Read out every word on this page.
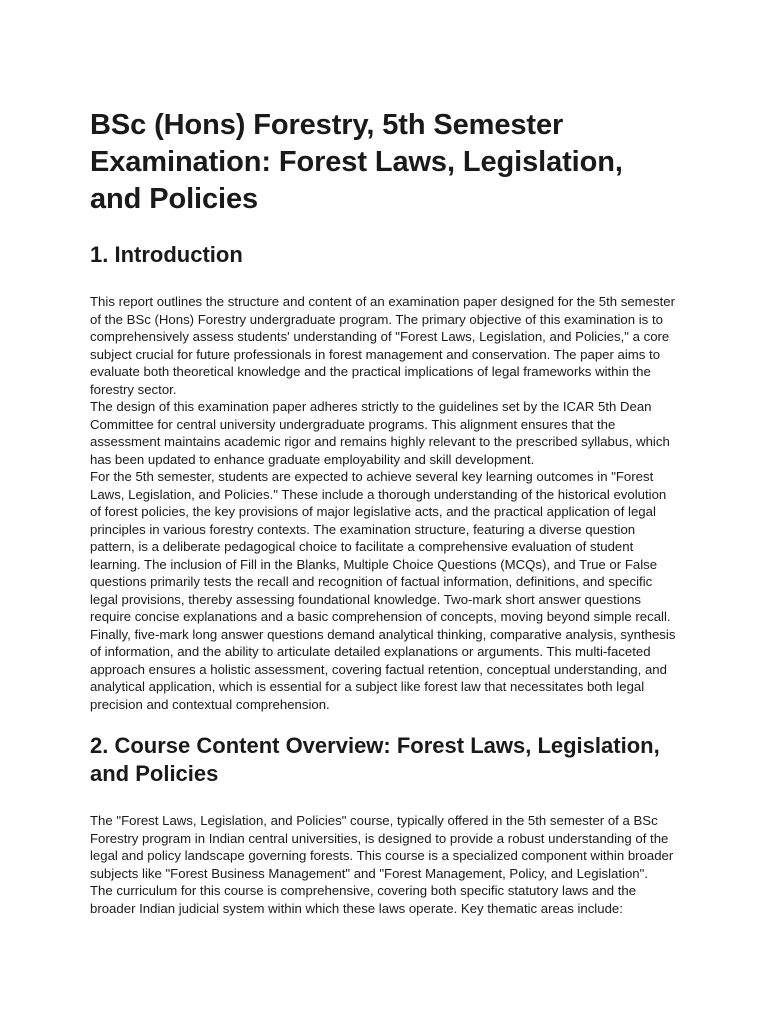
BSc (Hons) Forestry, 5th Semester Examination: Forest Laws, Legislation, and Policies
1. Introduction

This report outlines the structure and content of an examination paper designed for the 5th semester of the BSc (Hons) Forestry undergraduate program. The primary objective of this examination is to comprehensively assess students' understanding of "Forest Laws, Legislation, and Policies," a core subject crucial for future professionals in forest management and conservation. The paper aims to evaluate both theoretical knowledge and the practical implications of legal frameworks within the forestry sector.

The design of this examination paper adheres strictly to the guidelines set by the ICAR 5th Dean Committee for central university undergraduate programs. This alignment ensures that the assessment maintains academic rigor and remains highly relevant to the prescribed syllabus, which has been updated to enhance graduate employability and skill development.

For the 5th semester, students are expected to achieve several key learning outcomes in "Forest Laws, Legislation, and Policies." These include a thorough understanding of the historical evolution of forest policies, the key provisions of major legislative acts, and the practical application of legal principles in various forestry contexts. The examination structure, featuring a diverse question pattern, is a deliberate pedagogical choice to facilitate a comprehensive evaluation of student learning. The inclusion of Fill in the Blanks, Multiple Choice Questions (MCQs), and True or False questions primarily tests the recall and recognition of factual information, definitions, and specific legal provisions, thereby assessing foundational knowledge. Two-mark short answer questions require concise explanations and a basic comprehension of concepts, moving beyond simple recall. Finally, five-mark long answer questions demand analytical thinking, comparative analysis, synthesis of information, and the ability to articulate detailed explanations or arguments. This multi-faceted approach ensures a holistic assessment, covering factual retention, conceptual understanding, and analytical application, which is essential for a subject like forest law that necessitates both legal precision and contextual comprehension.

2. Course Content Overview: Forest Laws, Legislation, and Policies

The "Forest Laws, Legislation, and Policies" course, typically offered in the 5th semester of a BSc Forestry program in Indian central universities, is designed to provide a robust understanding of the legal and policy landscape governing forests. This course is a specialized component within broader subjects like "Forest Business Management" and "Forest Management, Policy, and Legislation".

The curriculum for this course is comprehensive, covering both specific statutory laws and the broader Indian judicial system within which these laws operate. Key thematic areas include:
